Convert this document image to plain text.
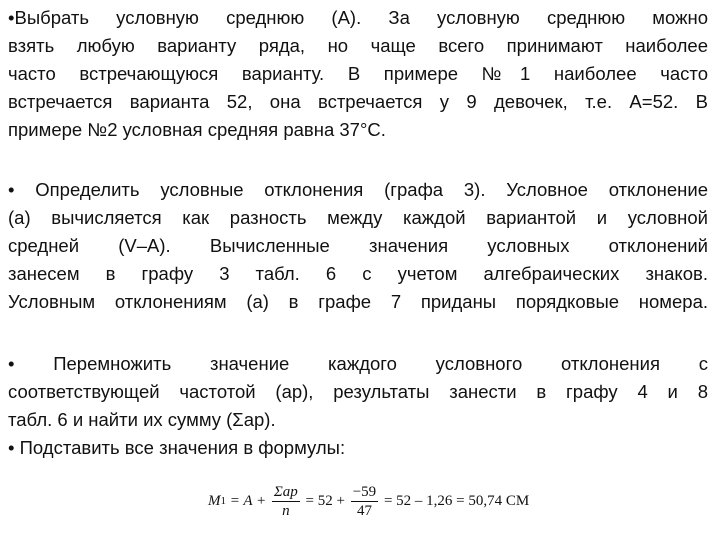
•Выбрать условную среднюю (А). За условную среднюю можно
взять любую варианту ряда, но чаще всего принимают наиболее
часто встречающуюся варианту. В примере №1 наиболее часто
встречается варианта 52, она встречается у 9 девочек, т.е. А=52. В
примере №2 условная средняя равна 37°С.
• Определить условные отклонения (графа 3). Условное отклонение
(а) вычисляется как разность между каждой вариантой и условной
средней (V–A). Вычисленные значения условных отклонений
занесем в графу 3 табл. 6 с учетом алгебраических знаков.
Условным отклонениям (а) в графе 7 приданы порядковые номера.
• Перемножить значение каждого условного отклонения с
соответствующей частотой (ар), результаты занести в графу 4 и 8
табл. 6 и найти их сумму (Σар).
• Подставить все значения в формулы:
M $1 = A + \frac{\text{Σap}}{n} = 52 + \frac{-59}{47} = 52 - 1,26 = 50,74$ СМ
